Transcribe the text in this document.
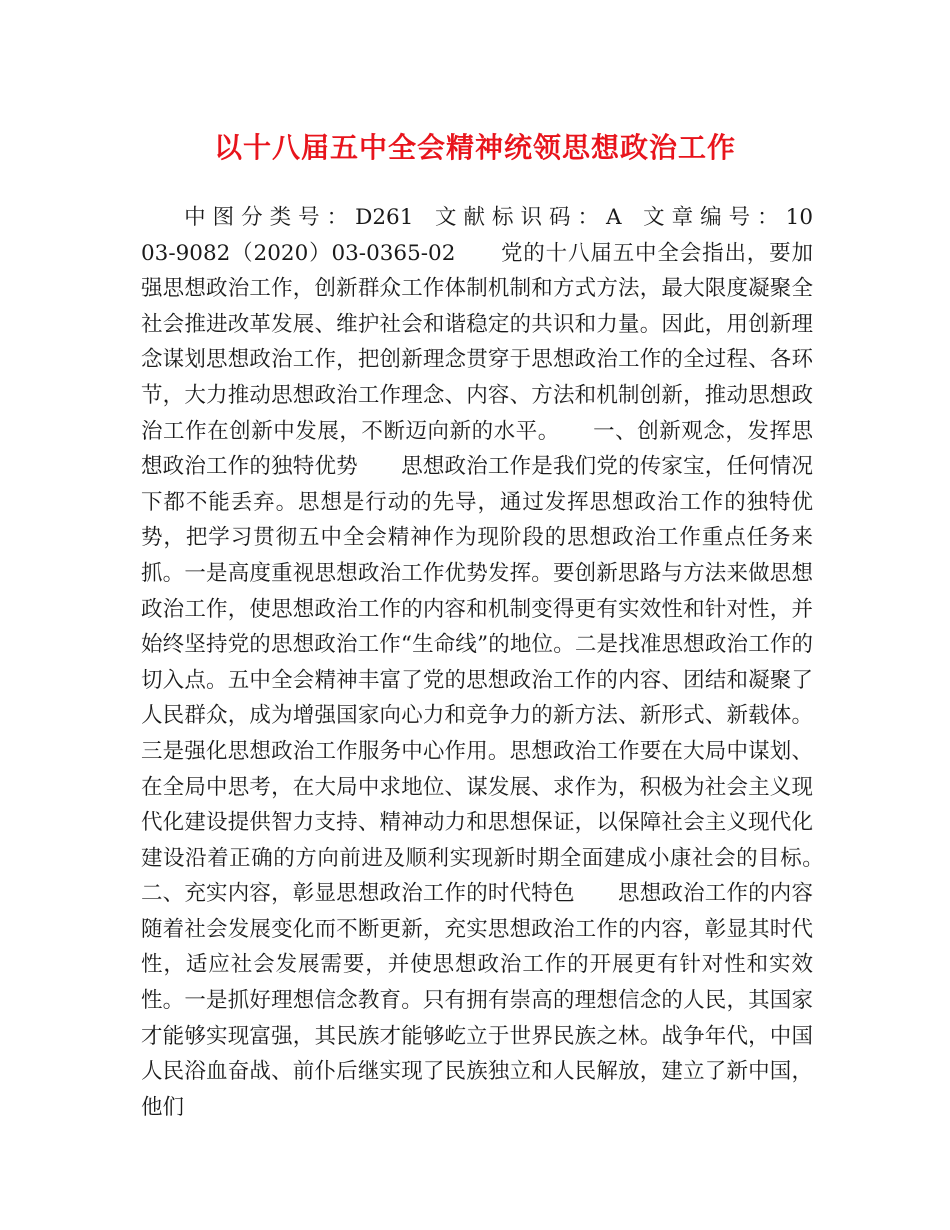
以十八届五中全会精神统领思想政治工作
　　中 图 分 类 号 ： D261　文 献 标 识 码 ： A　文 章 编 号 ： 1003-9082（2020）03-0365-02　　党的十八届五中全会指出，要加强思想政治工作，创新群众工作体制机制和方式方法，最大限度凝聚全社会推进改革发展、维护社会和谐稳定的共识和力量。因此，用创新理念谋划思想政治工作，把创新理念贯穿于思想政治工作的全过程、各环节，大力推动思想政治工作理念、内容、方法和机制创新，推动思想政治工作在创新中发展，不断迈向新的水平。　　一、创新观念，发挥思想政治工作的独特优势　　思想政治工作是我们党的传家宝，任何情况下都不能丢弃。思想是行动的先导，通过发挥思想政治工作的独特优势，把学习贯彻五中全会精神作为现阶段的思想政治工作重点任务来抓。一是高度重视思想政治工作优势发挥。要创新思路与方法来做思想政治工作，使思想政治工作的内容和机制变得更有实效性和针对性，并始终坚持党的思想政治工作“生命线”的地位。二是找准思想政治工作的切入点。五中全会精神丰富了党的思想政治工作的内容、团结和凝聚了人民群众，成为增强国家向心力和竞争力的新方法、新形式、新载体。 三是强化思想政治工作服务中心作用。思想政治工作要在大局中谋划、在全局中思考，在大局中求地位、谋发展、求作为，积极为社会主义现代化建设提供智力支持、精神动力和思想保证，以保障社会主义现代化建设沿着正确的方向前进及顺利实现新时期全面建成小康社会的目标。　　二、充实内容，彰显思想政治工作的时代特色　　思想政治工作的内容随着社会发展变化而不断更新，充实思想政治工作的内容，彰显其时代性，适应社会发展需要，并使思想政治工作的开展更有针对性和实效性。一是抓好理想信念教育。只有拥有崇高的理想信念的人民，其国家才能够实现富强，其民族才能够屹立于世界民族之林。战争年代，中国人民浴血奋战、前仆后继实现了民族独立和人民解放，建立了新中国，他们
